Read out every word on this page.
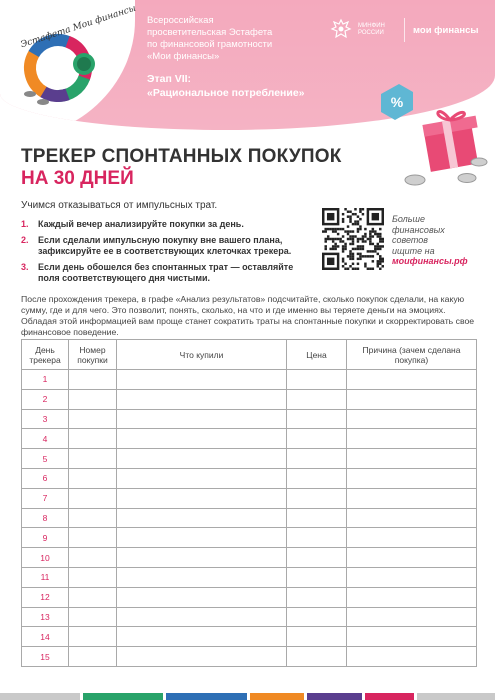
Эстафета Мои финансы Всероссийская
просветительская Эстафета
по финансовой грамотности
«Мои финансы»
Этап VII:
«Рациональное потребление»
МИНФИН
РОССИИ	мои финансы
%
ТРЕКЕР СПОНТАННЫХ ПОКУПОК
НА 30 ДНЕЙ
Учимся отказываться от импульсных трат.
1.	Каждый вечер анализируйте покупки за день.
2.	Если сделали импульсную покупку вне вашего плана, зафиксируйте ее в соответствующих клеточках трекера.
3.	Если день обошелся без спонтанных трат — оставляйте поля соответствующего дня чистыми.
Больше
финансовых
советов
ищите на
моифинансы.рф
После прохождения трекера, в графе «Анализ результатов» подсчитайте, сколько покупок сделали, на какую сумму, где и для чего. Это позволит, понять, сколько, на что и где именно вы теряете деньги на эмоциях. Обладая этой информацией вам проще станет сократить траты на спонтанные покупки и скорректировать свое финансовое поведение.
День трекера	Номер покупки	Что купили	Цена	Причина (зачем сделана покупка)
1				
2				
3				
4				
5				
6				
7				
8				
9				
10				
11				
12				
13				
14				
15				
